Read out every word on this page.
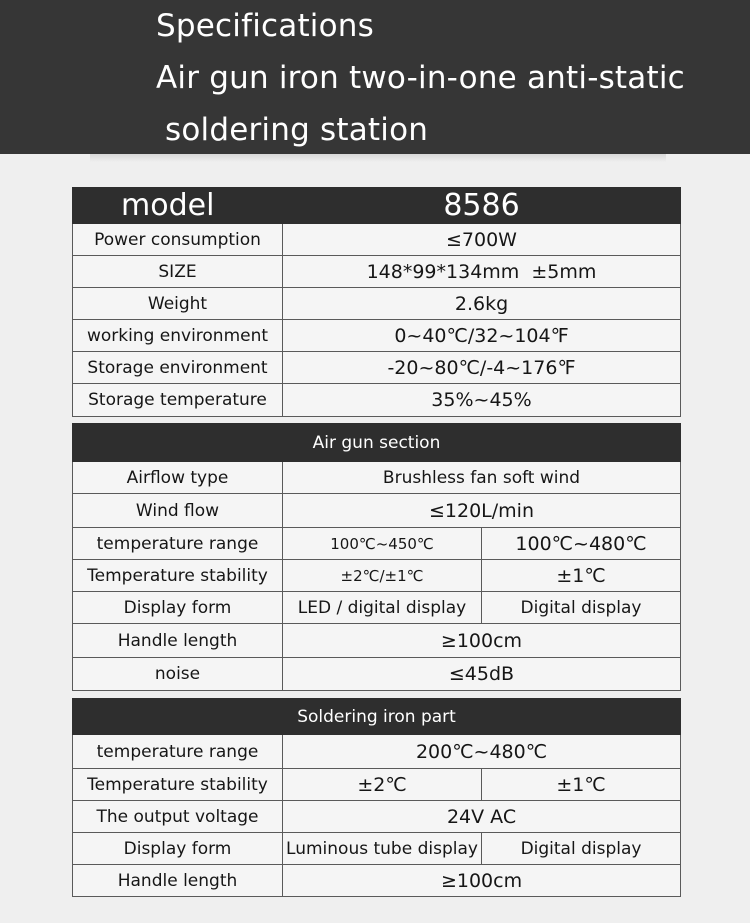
Specifications
Air gun iron two-in-one anti-static
soldering station
model	8586
Power consumption	≤700W
SIZE	148*99*134mm  ±5mm
Weight	2.6kg
working environment	0~40℃/32~104℉
Storage environment	-20~80℃/-4~176℉
Storage temperature	35%~45%
Air gun section		
Airflow type	Brushless fan soft wind	
Wind flow	≤120L/min	
temperature range	100℃~450℃	100℃~480℃
Temperature stability	±2℃/±1℃	±1℃
Display form	LED / digital display	Digital display
Handle length	≥100cm	
noise	≤45dB	
Soldering iron part		
temperature range	200℃~480℃	
Temperature stability	±2℃	±1℃
The output voltage	24V AC	
Display form	Luminous tube display	Digital display
Handle length	≥100cm	
